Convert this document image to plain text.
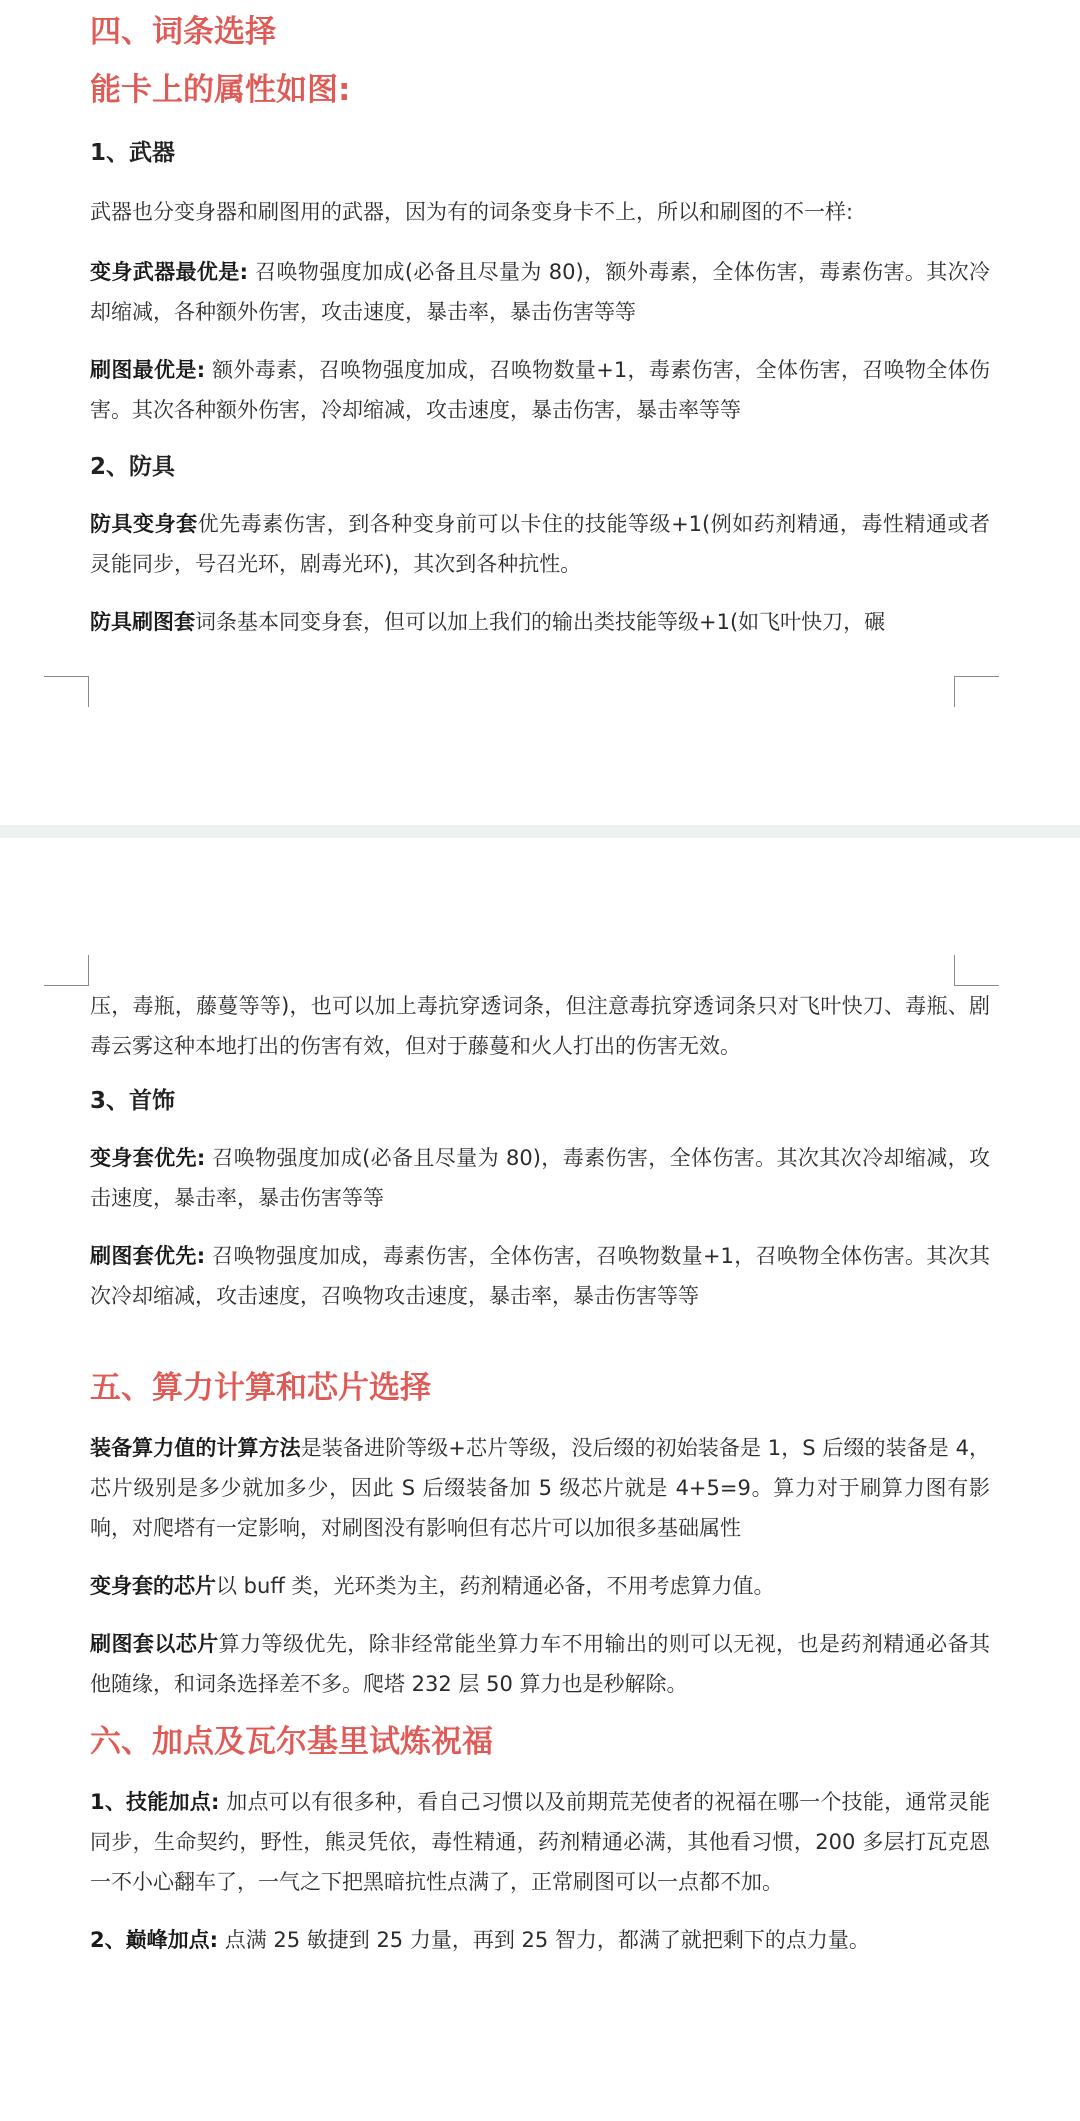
四、词条选择
能卡上的属性如图:
1、武器

武器也分变身器和刷图用的武器，因为有的词条变身卡不上，所以和刷图的不一样:

变身武器最优是: 召唤物强度加成(必备且尽量为 80)，额外毒素，全体伤害，毒素伤害。其次冷却缩减，各种额外伤害，攻击速度，暴击率，暴击伤害等等

刷图最优是: 额外毒素，召唤物强度加成，召唤物数量+1，毒素伤害，全体伤害，召唤物全体伤害。其次各种额外伤害，冷却缩减，攻击速度，暴击伤害，暴击率等等

2、防具

防具变身套优先毒素伤害，到各种变身前可以卡住的技能等级+1(例如药剂精通，毒性精通或者灵能同步，号召光环，剧毒光环)，其次到各种抗性。

防具刷图套词条基本同变身套，但可以加上我们的输出类技能等级+1(如飞叶快刀，碾

压，毒瓶，藤蔓等等)，也可以加上毒抗穿透词条，但注意毒抗穿透词条只对飞叶快刀、毒瓶、剧毒云雾这种本地打出的伤害有效，但对于藤蔓和火人打出的伤害无效。

3、首饰

变身套优先: 召唤物强度加成(必备且尽量为 80)，毒素伤害，全体伤害。其次其次冷却缩减，攻击速度，暴击率，暴击伤害等等

刷图套优先: 召唤物强度加成，毒素伤害，全体伤害，召唤物数量+1，召唤物全体伤害。其次其次冷却缩减，攻击速度，召唤物攻击速度，暴击率，暴击伤害等等

五、算力计算和芯片选择

装备算力值的计算方法是装备进阶等级+芯片等级，没后缀的初始装备是 1，S 后缀的装备是 4，芯片级别是多少就加多少，因此 S 后缀装备加 5 级芯片就是 4+5=9。算力对于刷算力图有影响，对爬塔有一定影响，对刷图没有影响但有芯片可以加很多基础属性

变身套的芯片以 buff 类，光环类为主，药剂精通必备，不用考虑算力值。

刷图套以芯片算力等级优先，除非经常能坐算力车不用输出的则可以无视，也是药剂精通必备其他随缘，和词条选择差不多。爬塔 232 层 50 算力也是秒解除。

六、加点及瓦尔基里试炼祝福

1、技能加点: 加点可以有很多种，看自己习惯以及前期荒芜使者的祝福在哪一个技能，通常灵能同步，生命契约，野性，熊灵凭依，毒性精通，药剂精通必满，其他看习惯，200 多层打瓦克恩一不小心翻车了，一气之下把黑暗抗性点满了，正常刷图可以一点都不加。

2、巅峰加点: 点满 25 敏捷到 25 力量，再到 25 智力，都满了就把剩下的点力量。
